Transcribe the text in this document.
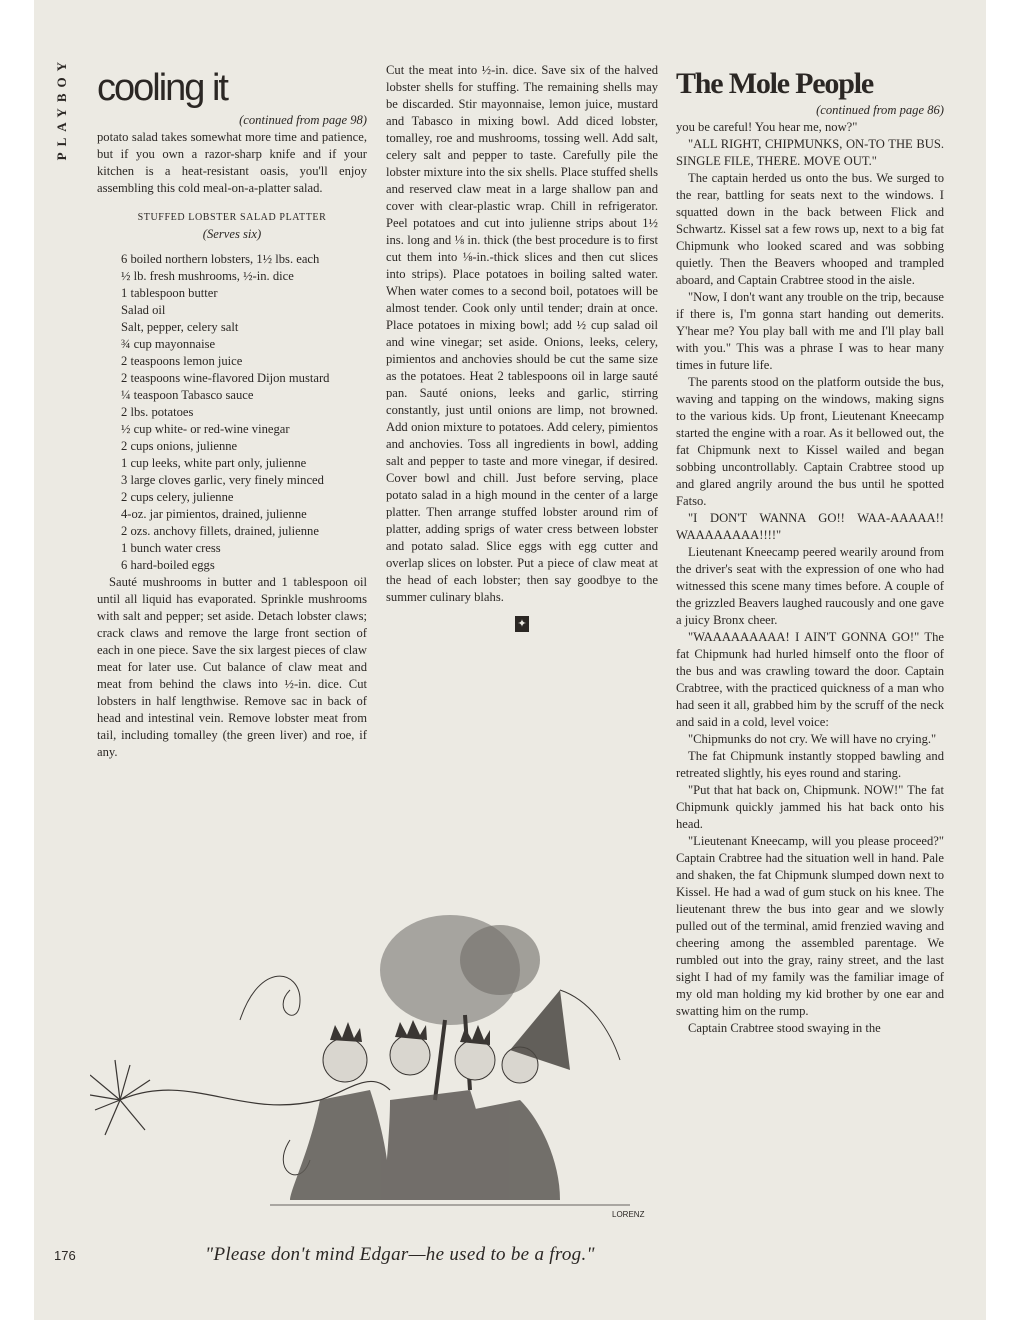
PLAYBOY cooling it

(continued from page 98)

potato salad takes somewhat more time and patience, but if you own a razor-sharp knife and if your kitchen is a heat-resistant oasis, you'll enjoy assembling this cold meal-on-a-platter salad.

STUFFED LOBSTER SALAD PLATTER
(Serves six)

6 boiled northern lobsters, 1½ lbs. each

½ lb. fresh mushrooms, ½-in. dice

1 tablespoon butter

Salad oil

Salt, pepper, celery salt

¾ cup mayonnaise

2 teaspoons lemon juice

2 teaspoons wine-flavored Dijon mustard

¼ teaspoon Tabasco sauce

2 lbs. potatoes

½ cup white- or red-wine vinegar

2 cups onions, julienne

1 cup leeks, white part only, julienne

3 large cloves garlic, very finely minced

2 cups celery, julienne

4-oz. jar pimientos, drained, julienne

2 ozs. anchovy fillets, drained, julienne

1 bunch water cress

6 hard-boiled eggs

Sauté mushrooms in butter and 1 tablespoon oil until all liquid has evaporated. Sprinkle mushrooms with salt and pepper; set aside. Detach lobster claws; crack claws and remove the large front section of each in one piece. Save the six largest pieces of claw meat for later use. Cut balance of claw meat and meat from behind the claws into ½-in. dice. Cut lobsters in half lengthwise. Remove sac in back of head and intestinal vein. Remove lobster meat from tail, including tomalley (the green liver) and roe, if any.

Cut the meat into ½-in. dice. Save six of the halved lobster shells for stuffing. The remaining shells may be discarded. Stir mayonnaise, lemon juice, mustard and Tabasco in mixing bowl. Add diced lobster, tomalley, roe and mushrooms, tossing well. Add salt, celery salt and pepper to taste. Carefully pile the lobster mixture into the six shells. Place stuffed shells and reserved claw meat in a large shallow pan and cover with clear-plastic wrap. Chill in refrigerator. Peel potatoes and cut into julienne strips about 1½ ins. long and ⅛ in. thick (the best procedure is to first cut them into ⅛-in.-thick slices and then cut slices into strips). Place potatoes in boiling salted water. When water comes to a second boil, potatoes will be almost tender. Cook only until tender; drain at once. Place potatoes in mixing bowl; add ½ cup salad oil and wine vinegar; set aside. Onions, leeks, celery, pimientos and anchovies should be cut the same size as the potatoes. Heat 2 tablespoons oil in large sauté pan. Sauté onions, leeks and garlic, stirring constantly, just until onions are limp, not browned. Add onion mixture to potatoes. Add celery, pimientos and anchovies. Toss all ingredients in bowl, adding salt and pepper to taste and more vinegar, if desired. Cover bowl and chill. Just before serving, place potato salad in a high mound in the center of a large platter. Then arrange stuffed lobster around rim of platter, adding sprigs of water cress between lobster and potato salad. Slice eggs with egg cutter and overlap slices on lobster. Put a piece of claw meat at the head of each lobster; then say goodbye to the summer culinary blahs.

✦
The Mole People

(continued from page 86)

you be careful! You hear me, now?"

"ALL RIGHT, CHIPMUNKS, ON-TO THE BUS. SINGLE FILE, THERE. MOVE OUT."

The captain herded us onto the bus. We surged to the rear, battling for seats next to the windows. I squatted down in the back between Flick and Schwartz. Kissel sat a few rows up, next to a big fat Chipmunk who looked scared and was sobbing quietly. Then the Beavers whooped and trampled aboard, and Captain Crabtree stood in the aisle.

"Now, I don't want any trouble on the trip, because if there is, I'm gonna start handing out demerits. Y'hear me? You play ball with me and I'll play ball with you." This was a phrase I was to hear many times in future life.

The parents stood on the platform outside the bus, waving and tapping on the windows, making signs to the various kids. Up front, Lieutenant Kneecamp started the engine with a roar. As it bellowed out, the fat Chipmunk next to Kissel wailed and began sobbing uncontrollably. Captain Crabtree stood up and glared angrily around the bus until he spotted Fatso.

"I DON'T WANNA GO!! WAA-AAAAA!! WAAAAAAAA!!!!"

Lieutenant Kneecamp peered wearily around from the driver's seat with the expression of one who had witnessed this scene many times before. A couple of the grizzled Beavers laughed raucously and one gave a juicy Bronx cheer.

"WAAAAAAAAA! I AIN'T GONNA GO!" The fat Chipmunk had hurled himself onto the floor of the bus and was crawling toward the door. Captain Crabtree, with the practiced quickness of a man who had seen it all, grabbed him by the scruff of the neck and said in a cold, level voice:

"Chipmunks do not cry. We will have no crying."

The fat Chipmunk instantly stopped bawling and retreated slightly, his eyes round and staring.

"Put that hat back on, Chipmunk. NOW!" The fat Chipmunk quickly jammed his hat back onto his head.

"Lieutenant Kneecamp, will you please proceed?" Captain Crabtree had the situation well in hand. Pale and shaken, the fat Chipmunk slumped down next to Kissel. He had a wad of gum stuck on his knee. The lieutenant threw the bus into gear and we slowly pulled out of the terminal, amid frenzied waving and cheering among the assembled parentage. We rumbled out into the gray, rainy street, and the last sight I had of my family was the familiar image of my old man holding my kid brother by one ear and swatting him on the rump.

Captain Crabtree stood swaying in the

LORENZ
176	"Please don't mind Edgar—he used to be a frog."
